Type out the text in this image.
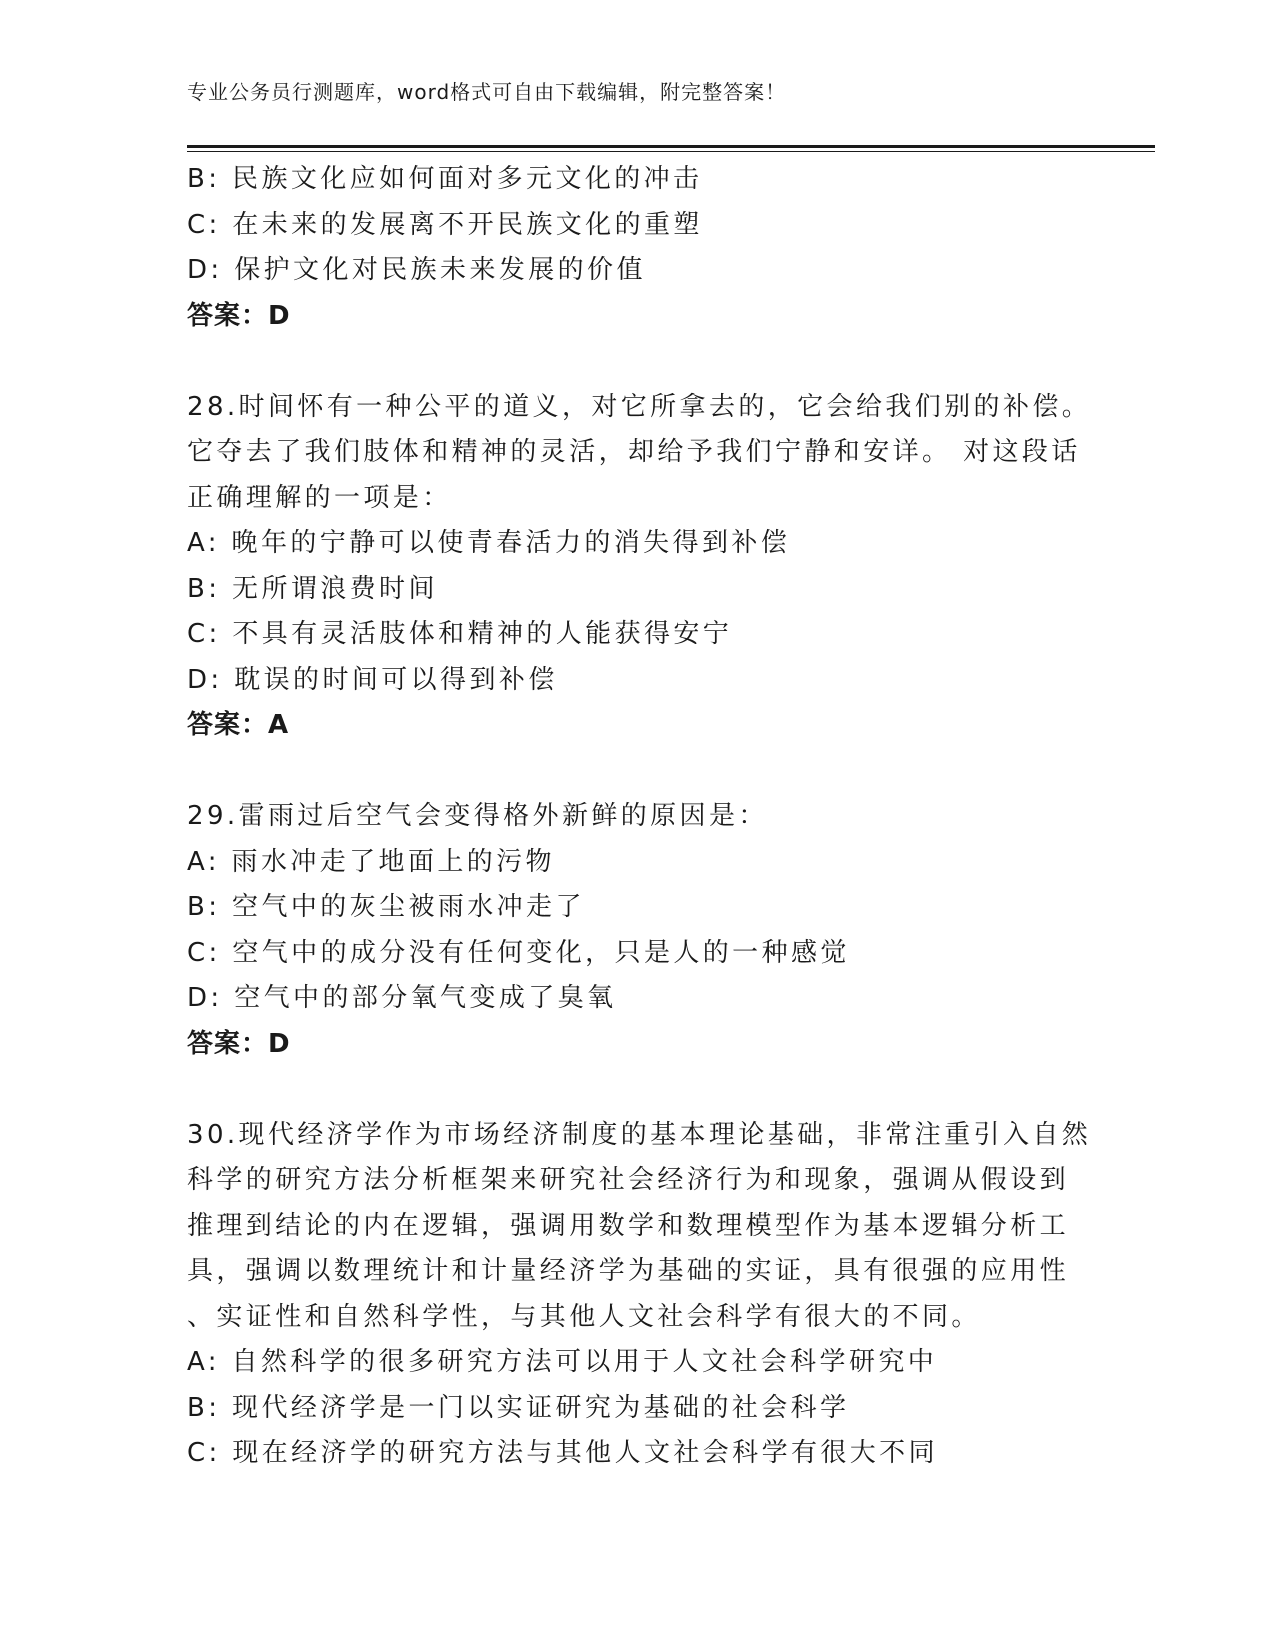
专业公务员行测题库，word格式可自由下载编辑，附完整答案！
B: 民族文化应如何面对多元文化的冲击
C: 在未来的发展离不开民族文化的重塑
D: 保护文化对民族未来发展的价值
答案：D
28.时间怀有一种公平的道义，对它所拿去的，它会给我们别的补偿。
它夺去了我们肢体和精神的灵活，却给予我们宁静和安详。 对这段话
正确理解的一项是：
A: 晚年的宁静可以使青春活力的消失得到补偿
B: 无所谓浪费时间
C: 不具有灵活肢体和精神的人能获得安宁
D: 耽误的时间可以得到补偿
答案：A
29.雷雨过后空气会变得格外新鲜的原因是：
A: 雨水冲走了地面上的污物
B: 空气中的灰尘被雨水冲走了
C: 空气中的成分没有任何变化，只是人的一种感觉
D: 空气中的部分氧气变成了臭氧
答案：D
30.现代经济学作为市场经济制度的基本理论基础，非常注重引入自然
科学的研究方法分析框架来研究社会经济行为和现象，强调从假设到
推理到结论的内在逻辑，强调用数学和数理模型作为基本逻辑分析工
具，强调以数理统计和计量经济学为基础的实证，具有很强的应用性
、实证性和自然科学性，与其他人文社会科学有很大的不同。
A: 自然科学的很多研究方法可以用于人文社会科学研究中
B: 现代经济学是一门以实证研究为基础的社会科学
C: 现在经济学的研究方法与其他人文社会科学有很大不同
